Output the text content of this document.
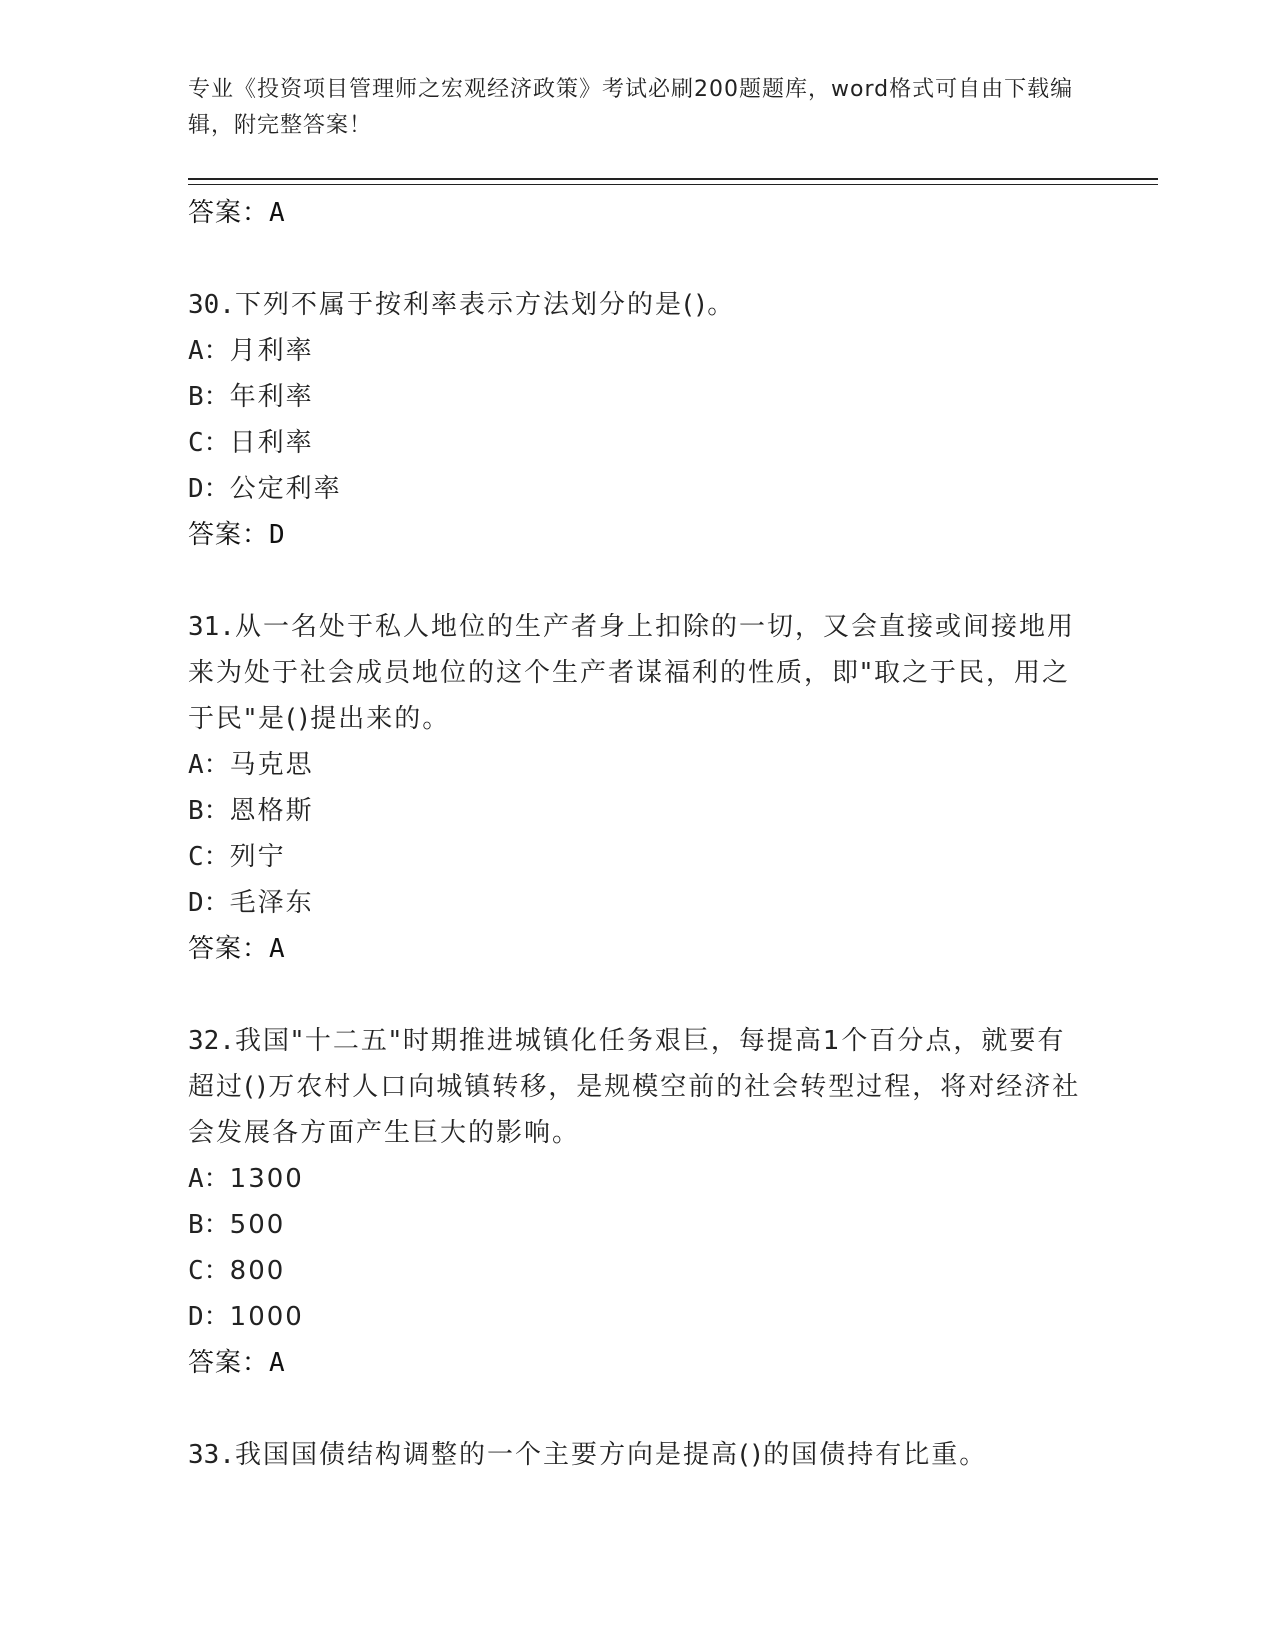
专业《投资项目管理师之宏观经济政策》考试必刷200题题库，word格式可自由下载编辑，附完整答案！
答案：A

30.下列不属于按利率表示方法划分的是()。

A：月利率
B：年利率
C：日利率
D：公定利率
答案：D

31.从一名处于私人地位的生产者身上扣除的一切，又会直接或间接地用来为处于社会成员地位的这个生产者谋福利的性质，即"取之于民，用之于民"是()提出来的。

A：马克思
B：恩格斯
C：列宁
D：毛泽东
答案：A

32.我国"十二五"时期推进城镇化任务艰巨，每提高1个百分点，就要有超过()万农村人口向城镇转移，是规模空前的社会转型过程，将对经济社会发展各方面产生巨大的影响。

A：1300
B：500
C：800
D：1000
答案：A

33.我国国债结构调整的一个主要方向是提高()的国债持有比重。
